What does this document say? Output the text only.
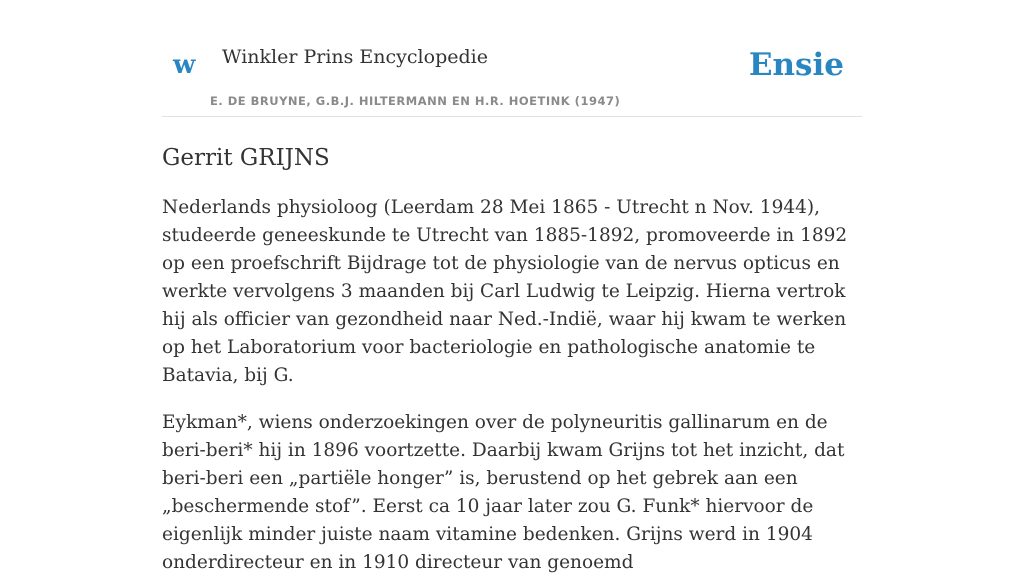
w Winkler Prins Encyclopedie
E. DE BRUYNE, G.B.J. HILTERMANN EN H.R. HOETINK (1947)
Ensie
Gerrit GRIJNS

Nederlands physioloog (Leerdam 28 Mei 1865 - Utrecht n Nov. 1944), studeerde geneeskunde te Utrecht van 1885-1892, promoveerde in 1892 op een proefschrift Bijdrage tot de physiologie van de nervus opticus en werkte vervolgens 3 maanden bij Carl Ludwig te Leipzig. Hierna vertrok hij als officier van gezondheid naar Ned.-Indië, waar hij kwam te werken op het Laboratorium voor bacteriologie en pathologische anatomie te Batavia, bij G.

Eykman*, wiens onderzoekingen over de polyneuritis gallinarum en de beri-beri* hij in 1896 voortzette. Daarbij kwam Grijns tot het inzicht, dat beri-beri een „partiële honger” is, berustend op het gebrek aan een „beschermende stof”. Eerst ca 10 jaar later zou G. Funk* hiervoor de eigenlijk minder juiste naam vitamine bedenken. Grijns werd in 1904 onderdirecteur en in 1910 directeur van genoemd
